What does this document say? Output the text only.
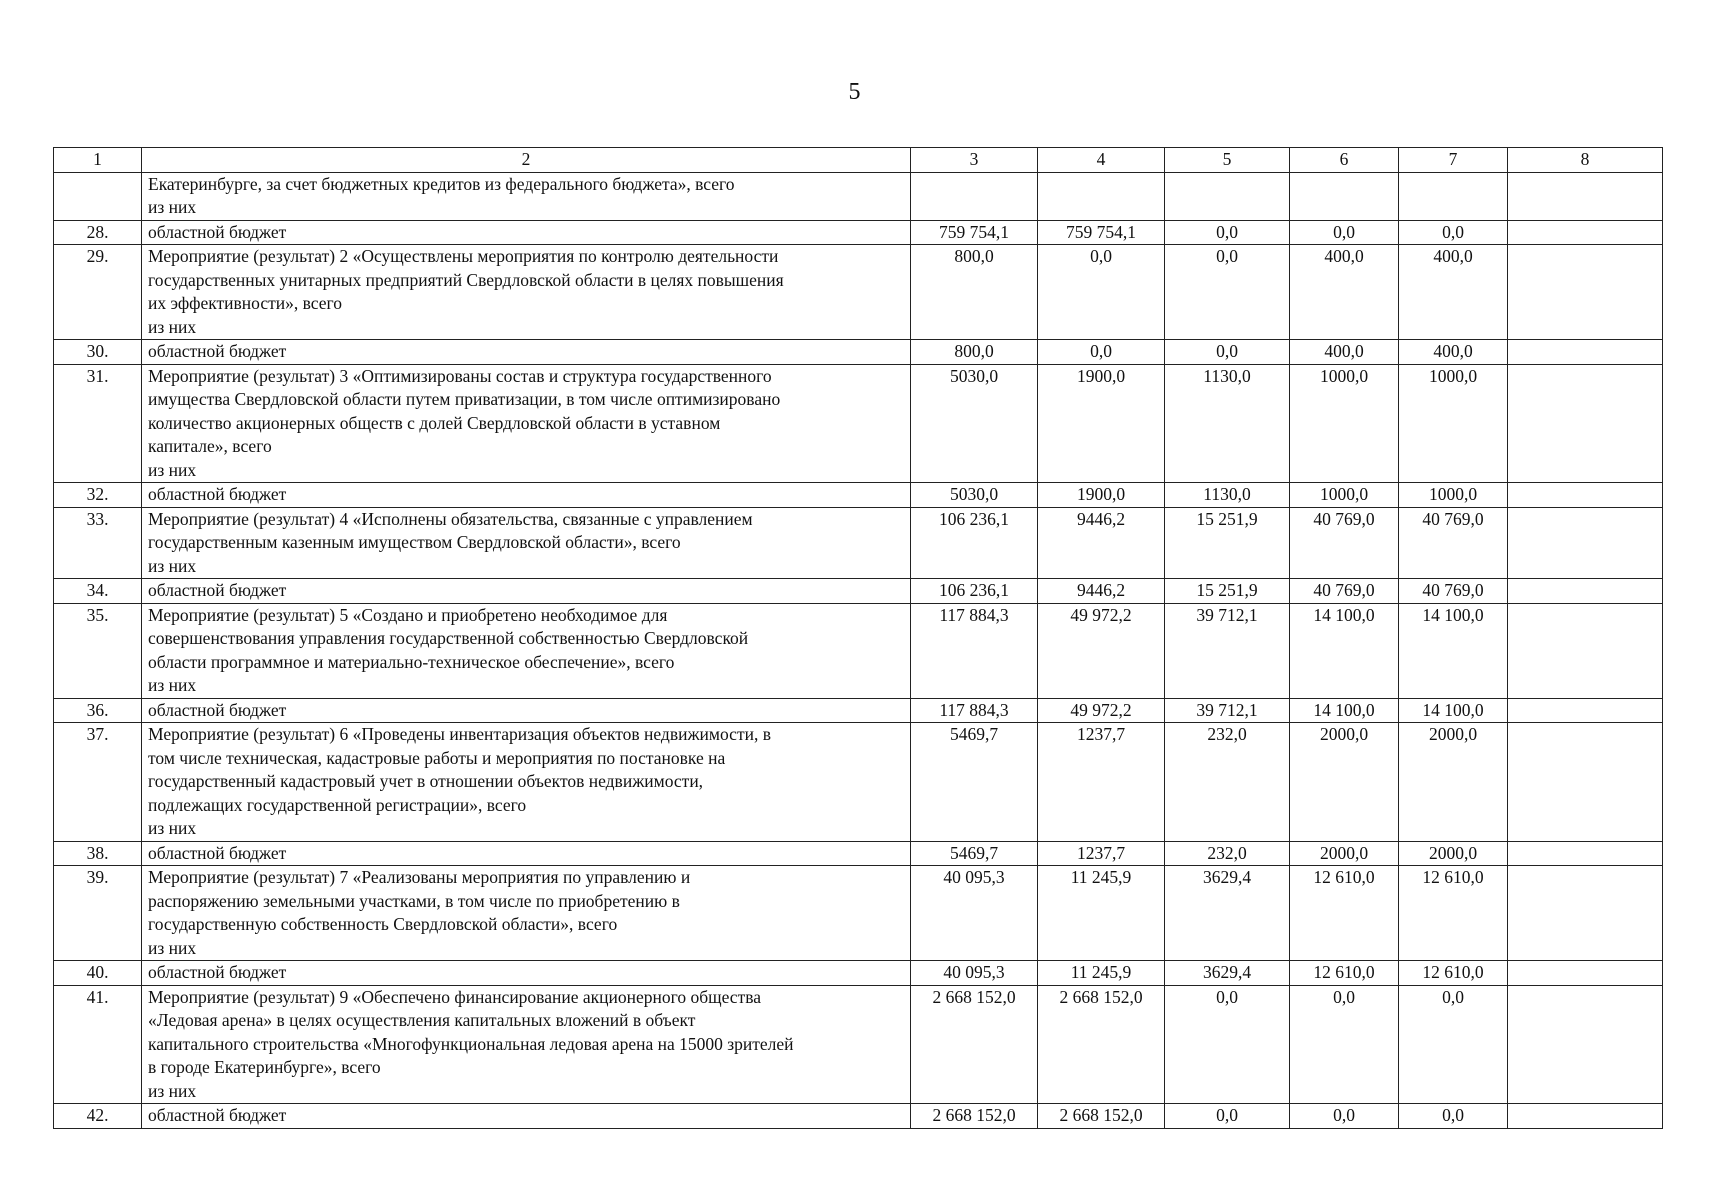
5
1	2	3	4	5	6	7	8

	Екатеринбурге, за счет бюджетных кредитов из федерального бюджета», всего
из них						

28.	областной бюджет	759 754,1	759 754,1	0,0	0,0	0,0	
29.	Мероприятие (результат) 2 «Осуществлены мероприятия по контролю деятельности
государственных унитарных предприятий Свердловской области в целях повышения
их эффективности», всего
из них	800,0	0,0	0,0	400,0	400,0	
30.	областной бюджет	800,0	0,0	0,0	400,0	400,0	
31.	Мероприятие (результат) 3 «Оптимизированы состав и структура государственного
имущества Свердловской области путем приватизации, в том числе оптимизировано
количество акционерных обществ с долей Свердловской области в уставном
капитале», всего
из них	5030,0	1900,0	1130,0	1000,0	1000,0	
32.	областной бюджет	5030,0	1900,0	1130,0	1000,0	1000,0	
33.	Мероприятие (результат) 4 «Исполнены обязательства, связанные с управлением
государственным казенным имуществом Свердловской области», всего
из них	106 236,1	9446,2	15 251,9	40 769,0	40 769,0	
34.	областной бюджет	106 236,1	9446,2	15 251,9	40 769,0	40 769,0	
35.	Мероприятие (результат) 5 «Создано и приобретено необходимое для
совершенствования управления государственной собственностью Свердловской
области программное и материально-техническое обеспечение», всего
из них	117 884,3	49 972,2	39 712,1	14 100,0	14 100,0	
36.	областной бюджет	117 884,3	49 972,2	39 712,1	14 100,0	14 100,0	
37.	Мероприятие (результат) 6 «Проведены инвентаризация объектов недвижимости, в
том числе техническая, кадастровые работы и мероприятия по постановке на
государственный кадастровый учет в отношении объектов недвижимости,
подлежащих государственной регистрации», всего
из них	5469,7	1237,7	232,0	2000,0	2000,0	
38.	областной бюджет	5469,7	1237,7	232,0	2000,0	2000,0	
39.	Мероприятие (результат) 7 «Реализованы мероприятия по управлению и
распоряжению земельными участками, в том числе по приобретению в
государственную собственность Свердловской области», всего
из них	40 095,3	11 245,9	3629,4	12 610,0	12 610,0	
40.	областной бюджет	40 095,3	11 245,9	3629,4	12 610,0	12 610,0	
41.	Мероприятие (результат) 9 «Обеспечено финансирование акционерного общества
«Ледовая арена» в целях осуществления капитальных вложений в объект
капитального строительства «Многофункциональная ледовая арена на 15000 зрителей
в городе Екатеринбурге», всего
из них	2 668 152,0	2 668 152,0	0,0	0,0	0,0	
42.	областной бюджет	2 668 152,0	2 668 152,0	0,0	0,0	0,0	
